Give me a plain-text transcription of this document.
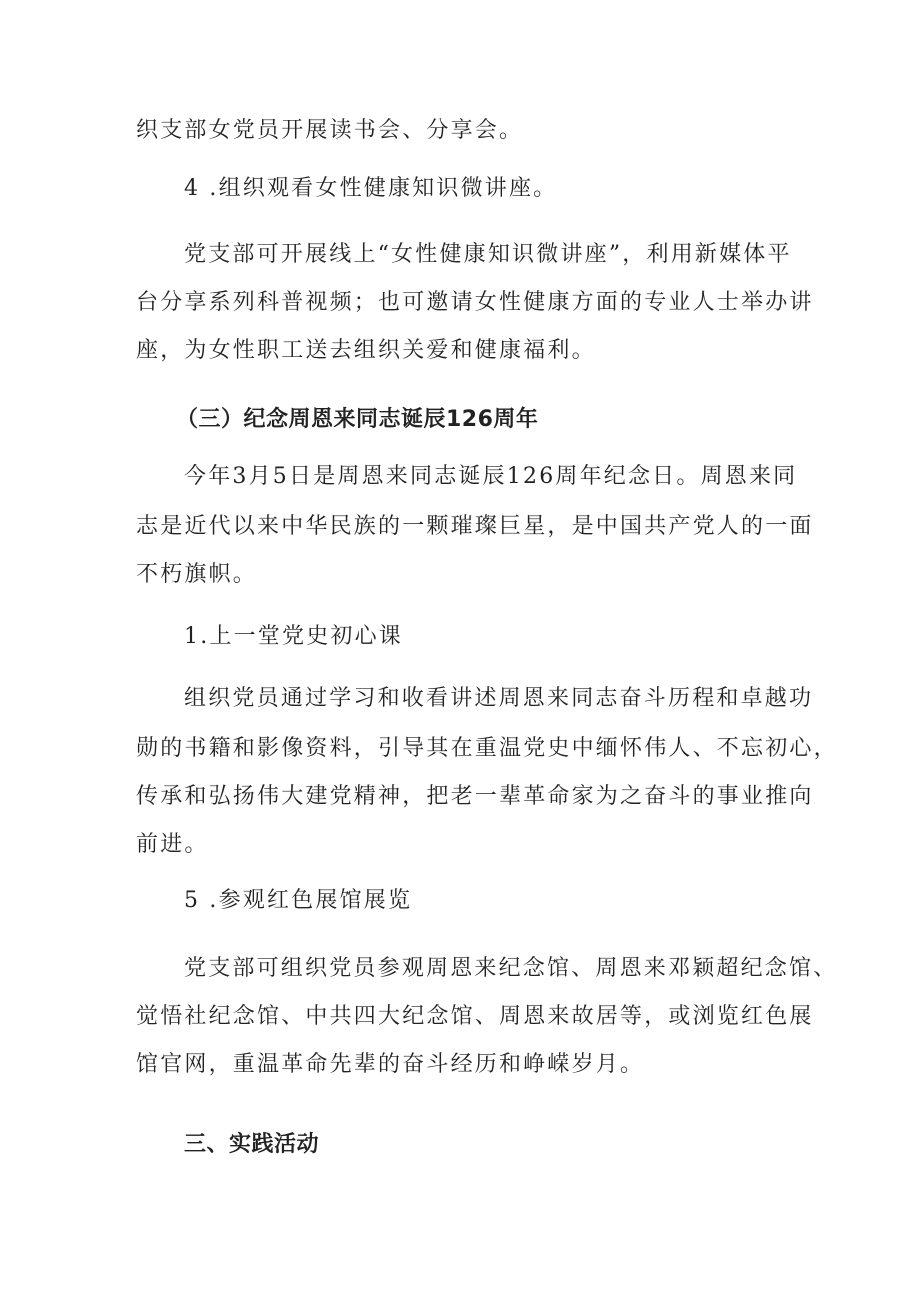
织支部女党员开展读书会、分享会。
4 .组织观看女性健康知识微讲座。
党支部可开展线上“女性健康知识微讲座”，利用新媒体平
台分享系列科普视频；也可邀请女性健康方面的专业人士举办讲
座，为女性职工送去组织关爱和健康福利。
（三）纪念周恩来同志诞辰126周年
今年3月5日是周恩来同志诞辰126周年纪念日。周恩来同
志是近代以来中华民族的一颗璀璨巨星，是中国共产党人的一面
不朽旗帜。
1.上一堂党史初心课
组织党员通过学习和收看讲述周恩来同志奋斗历程和卓越功
勋的书籍和影像资料，引导其在重温党史中缅怀伟人、不忘初心，
传承和弘扬伟大建党精神，把老一辈革命家为之奋斗的事业推向
前进。
5 .参观红色展馆展览
党支部可组织党员参观周恩来纪念馆、周恩来邓颖超纪念馆、
觉悟社纪念馆、中共四大纪念馆、周恩来故居等，或浏览红色展
馆官网，重温革命先辈的奋斗经历和峥嵘岁月。
三、实践活动
